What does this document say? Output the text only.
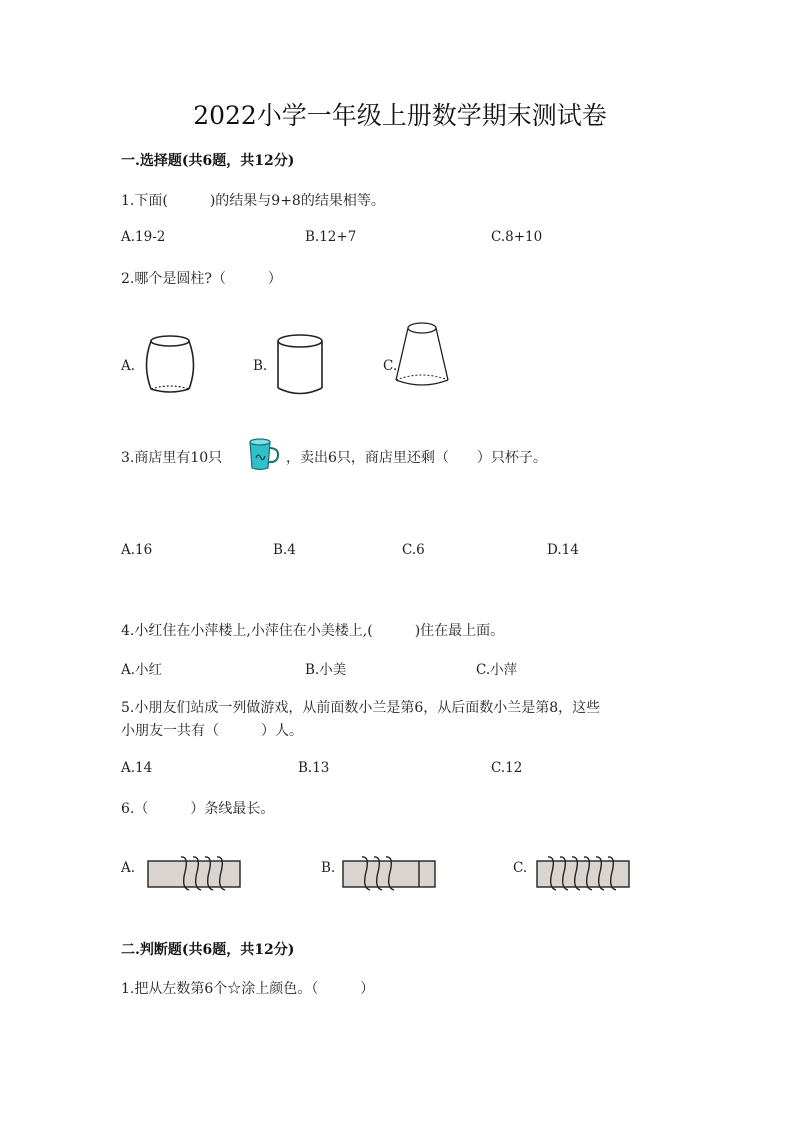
2022小学一年级上册数学期末测试卷
一.选择题(共6题，共12分)
1.下面(　　　)的结果与9+8的结果相等。
A.19-2	B.12+7	C.8+10
2.哪个是圆柱?（　　　）
A.	B.	C.
3.商店里有10只	，卖出6只，商店里还剩（　　）只杯子。
A.16	B.4	C.6	D.14
4.小红住在小萍楼上,小萍住在小美楼上,(　　　)住在最上面。
A.小红	B.小美	C.小萍
5.小朋友们站成一列做游戏，从前面数小兰是第6，从后面数小兰是第8，这些
小朋友一共有（　　　）人。
A.14	B.13	C.12
6.（　　　）条线最长。
A.	B.	C.
二.判断题(共6题，共12分)
1.把从左数第6个☆涂上颜色。（　　　）
